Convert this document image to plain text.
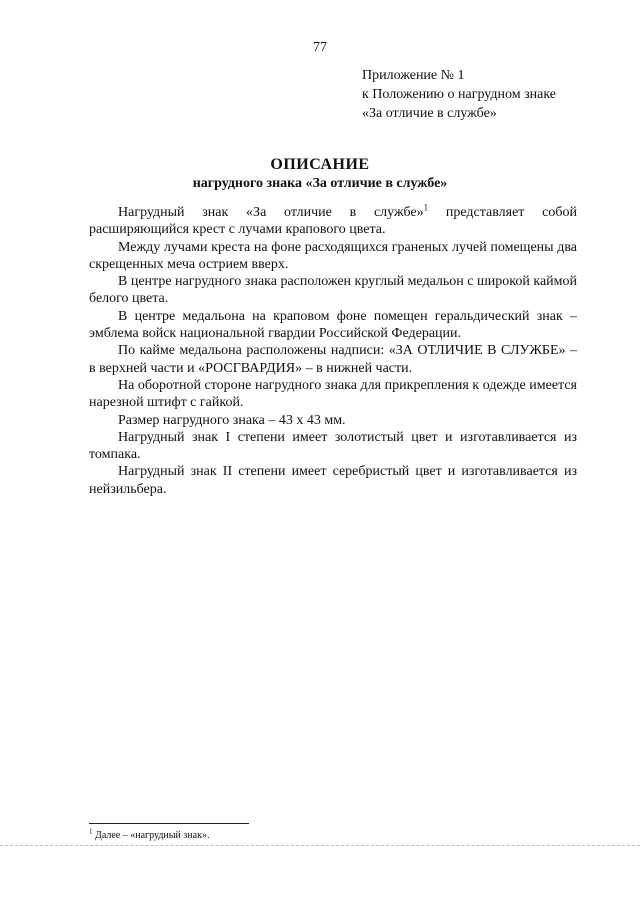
77
Приложение № 1
к Положению о нагрудном знаке
«За отличие в службе»
ОПИСАНИЕ
нагрудного знака «За отличие в службе»

Нагрудный знак «За отличие в службе»$^1$ представляет собой расширяющийся крест с лучами крапового цвета.

Между лучами креста на фоне расходящихся граненых лучей помещены два скрещенных меча острием вверх.

В центре нагрудного знака расположен круглый медальон с широкой каймой белого цвета.

В центре медальона на краповом фоне помещен геральдический знак – эмблема войск национальной гвардии Российской Федерации.

По кайме медальона расположены надписи: «ЗА ОТЛИЧИЕ В СЛУЖБЕ» – в верхней части и «РОСГВАРДИЯ» – в нижней части.

На оборотной стороне нагрудного знака для прикрепления к одежде имеется нарезной штифт с гайкой.

Размер нагрудного знака – 43 х 43 мм.

Нагрудный знак I степени имеет золотистый цвет и изготавливается из томпака.

Нагрудный знак II степени имеет серебристый цвет и изготавливается из нейзильбера.

$^1$ Далее – «нагрудный знак».
